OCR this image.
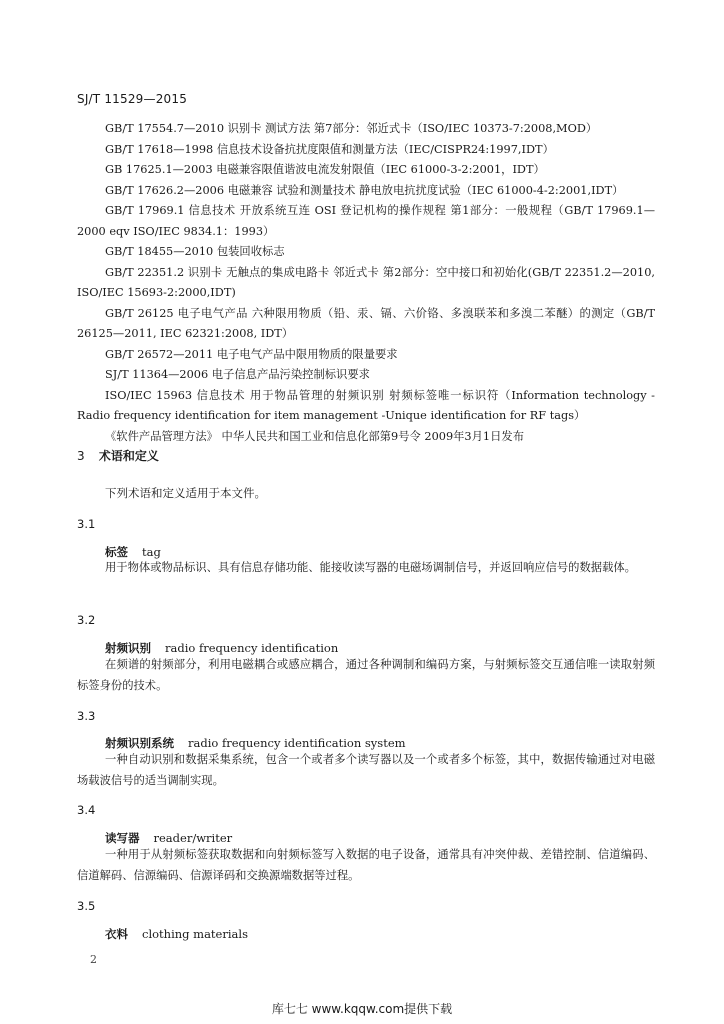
SJ/T 11529—2015

GB/T 17554.7—2010 识别卡 测试方法 第7部分：邻近式卡（ISO/IEC 10373-7:2008,MOD）

GB/T 17618—1998 信息技术设备抗扰度限值和测量方法（IEC/CISPR24:1997,IDT）

GB 17625.1—2003 电磁兼容限值谐波电流发射限值（IEC 61000-3-2:2001，IDT）

GB/T 17626.2—2006 电磁兼容 试验和测量技术 静电放电抗扰度试验（IEC 61000-4-2:2001,IDT）

GB/T 17969.1 信息技术 开放系统互连 OSI 登记机构的操作规程 第1部分：一般规程（GB/T 17969.1—2000 eqv ISO/IEC 9834.1：1993）

GB/T 18455—2010 包装回收标志

GB/T 22351.2 识别卡 无触点的集成电路卡 邻近式卡 第2部分：空中接口和初始化(GB/T 22351.2—2010, ISO/IEC 15693-2:2000,IDT)

GB/T 26125 电子电气产品 六种限用物质（铅、汞、镉、六价铬、多溴联苯和多溴二苯醚）的测定（GB/T 26125—2011, IEC 62321:2008, IDT）

GB/T 26572—2011 电子电气产品中限用物质的限量要求

SJ/T 11364—2006 电子信息产品污染控制标识要求

ISO/IEC 15963 信息技术 用于物品管理的射频识别 射频标签唯一标识符（Information technology -Radio frequency identification for item management -Unique identification for RF tags）

《软件产品管理方法》 中华人民共和国工业和信息化部第9号令 2009年3月1日发布

3 术语和定义
下列术语和定义适用于本文件。
3.1
标签 tag

用于物体或物品标识、具有信息存储功能、能接收读写器的电磁场调制信号，并返回响应信号的数据载体。

3.2
射频识别 radio frequency identification

在频谱的射频部分，利用电磁耦合或感应耦合，通过各种调制和编码方案，与射频标签交互通信唯一读取射频标签身份的技术。

3.3
射频识别系统 radio frequency identification system

一种自动识别和数据采集系统，包含一个或者多个读写器以及一个或者多个标签，其中，数据传输通过对电磁场载波信号的适当调制实现。

3.4
读写器 reader/writer

一种用于从射频标签获取数据和向射频标签写入数据的电子设备，通常具有冲突仲裁、差错控制、信道编码、信道解码、信源编码、信源译码和交换源端数据等过程。

3.5
衣料 clothing materials
2
库七七 www.kqqw.com提供下载
